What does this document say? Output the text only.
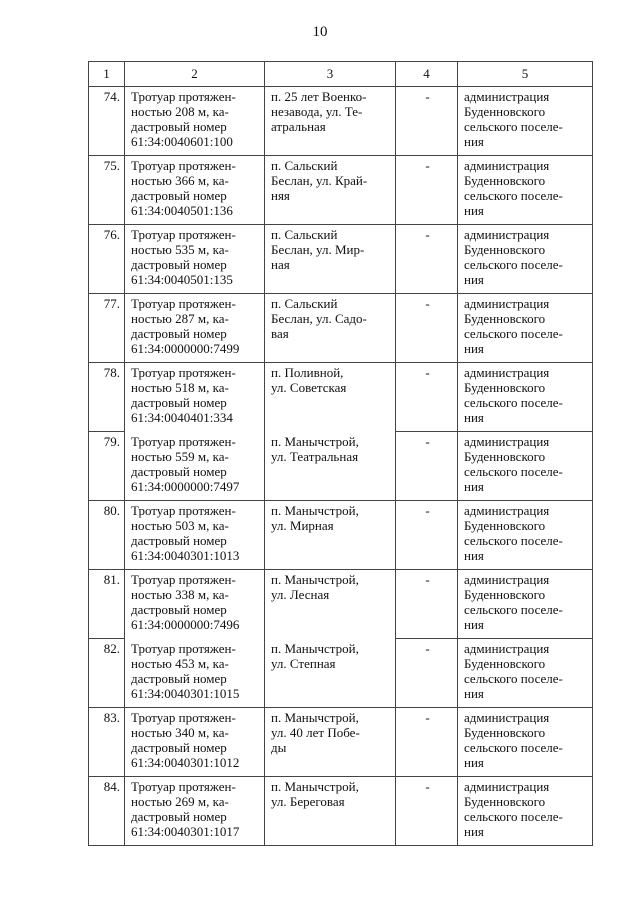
10
1	2	3	4	5

74.	Тротуар протяжен-
ностью 208 м, ка-
дастровый номер
61:34:0040601:100	п. 25 лет Военко-
незавода, ул. Те-
атральная	-	администрация
Буденновского
сельского поселе-
ния

75.	Тротуар протяжен-
ностью 366 м, ка-
дастровый номер
61:34:0040501:136	п. Сальский
Беслан, ул. Край-
няя	-	администрация
Буденновского
сельского поселе-
ния

76.	Тротуар протяжен-
ностью 535 м, ка-
дастровый номер
61:34:0040501:135	п. Сальский
Беслан, ул. Мир-
ная	-	администрация
Буденновского
сельского поселе-
ния

77.	Тротуар протяжен-
ностью 287 м, ка-
дастровый номер
61:34:0000000:7499	п. Сальский
Беслан, ул. Садо-
вая	-	администрация
Буденновского
сельского поселе-
ния

78.	Тротуар протяжен-
ностью 518 м, ка-
дастровый номер
61:34:0040401:334	п. Поливной,
ул. Советская	-	администрация
Буденновского
сельского поселе-
ния

79.	Тротуар протяжен-
ностью 559 м, ка-
дастровый номер
61:34:0000000:7497	п. Манычстрой,
ул. Театральная	-	администрация
Буденновского
сельского поселе-
ния

80.	Тротуар протяжен-
ностью 503 м, ка-
дастровый номер
61:34:0040301:1013	п. Манычстрой,
ул. Мирная	-	администрация
Буденновского
сельского поселе-
ния

81.	Тротуар протяжен-
ностью 338 м, ка-
дастровый номер
61:34:0000000:7496	п. Манычстрой,
ул. Лесная	-	администрация
Буденновского
сельского поселе-
ния

82.	Тротуар протяжен-
ностью 453 м, ка-
дастровый номер
61:34:0040301:1015	п. Манычстрой,
ул. Степная	-	администрация
Буденновского
сельского поселе-
ния

83.	Тротуар протяжен-
ностью 340 м, ка-
дастровый номер
61:34:0040301:1012	п. Манычстрой,
ул. 40 лет Побе-
ды	-	администрация
Буденновского
сельского поселе-
ния

84.	Тротуар протяжен-
ностью 269 м, ка-
дастровый номер
61:34:0040301:1017	п. Манычстрой,
ул. Береговая	-	администрация
Буденновского
сельского поселе-
ния
